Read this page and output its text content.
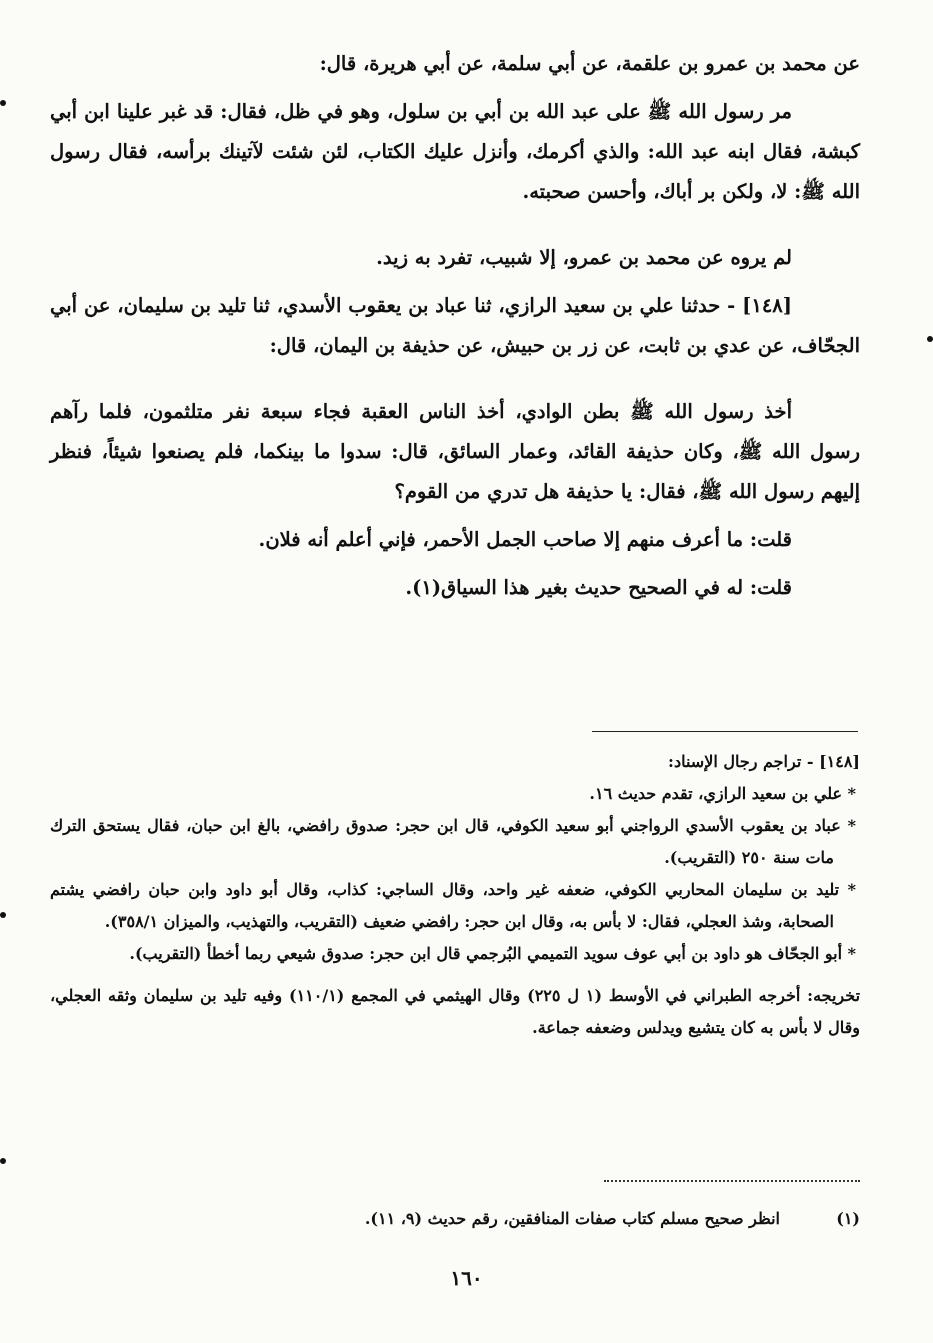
عن محمد بن عمرو بن علقمة، عن أبي سلمة، عن أبي هريرة، قال:

مر رسول الله ﷺ على عبد الله بن أبي بن سلول، وهو في ظل، فقال: قد غبر علينا ابن أبي كبشة، فقال ابنه عبد الله: والذي أكرمك، وأنزل عليك الكتاب، لئن شئت لآتينك برأسه، فقال رسول الله ﷺ: لا، ولكن بر أباك، وأحسن صحبته.

لم يروه عن محمد بن عمرو، إلا شبيب، تفرد به زيد.

[١٤٨] - حدثنا علي بن سعيد الرازي، ثنا عباد بن يعقوب الأسدي، ثنا تليد بن سليمان، عن أبي الجحّاف، عن عدي بن ثابت، عن زر بن حبيش، عن حذيفة بن اليمان، قال:

أخذ رسول الله ﷺ بطن الوادي، أخذ الناس العقبة فجاء سبعة نفر متلثمون، فلما رآهم رسول الله ﷺ، وكان حذيفة القائد، وعمار السائق، قال: سدوا ما بينكما، فلم يصنعوا شيئاً، فنظر إليهم رسول الله ﷺ، فقال: يا حذيفة هل تدري من القوم؟

قلت: ما أعرف منهم إلا صاحب الجمل الأحمر، فإني أعلم أنه فلان.

قلت: له في الصحيح حديث بغير هذا السياق(١).

[١٤٨] - تراجم رجال الإسناد:

* علي بن سعيد الرازي، تقدم حديث ١٦.

* عباد بن يعقوب الأسدي الرواجني أبو سعيد الكوفي، قال ابن حجر: صدوق رافضي، بالغ ابن حبان، فقال يستحق الترك مات سنة ٢٥٠ (التقريب).

* تليد بن سليمان المحاربي الكوفي، ضعفه غير واحد، وقال الساجي: كذاب، وقال أبو داود وابن حبان رافضي يشتم الصحابة، وشذ العجلي، فقال: لا بأس به، وقال ابن حجر: رافضي ضعيف (التقريب، والتهذيب، والميزان ٣٥٨/١).

* أبو الجحّاف هو داود بن أبي عوف سويد التميمي البُرجمي قال ابن حجر: صدوق شيعي ربما أخطأ (التقريب).

تخريجه: أخرجه الطبراني في الأوسط (١ ل ٢٢٥) وقال الهيثمي في المجمع (١١٠/١) وفيه تليد بن سليمان وثقه العجلي، وقال لا بأس به كان يتشيع ويدلس وضعفه جماعة.

(١)انظر صحيح مسلم كتاب صفات المنافقين، رقم حديث (٩، ١١).
١٦٠
